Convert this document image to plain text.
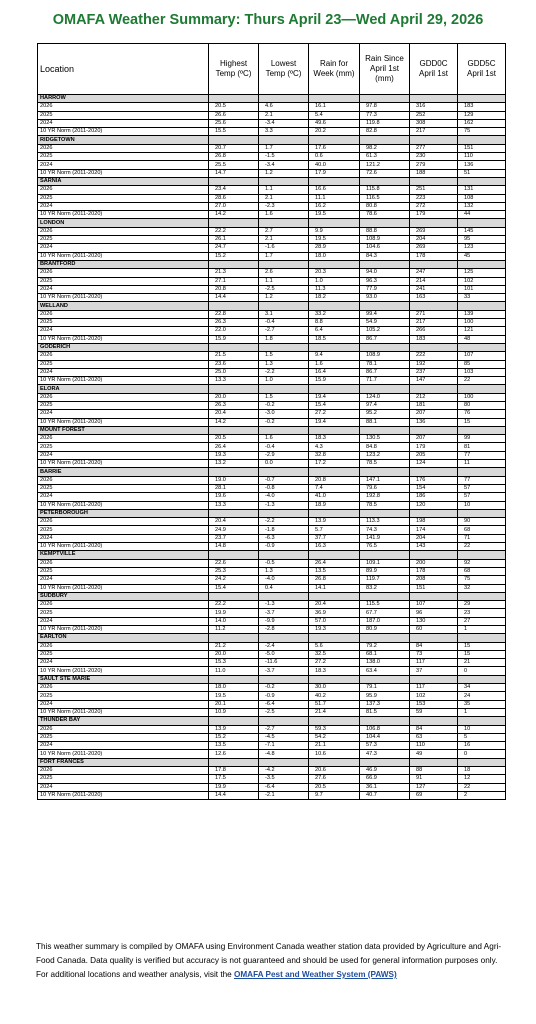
OMAFA Weather Summary: Thurs April 23—Wed April 29, 2026
Location	Highest Temp (ºC)	Lowest Temp (ºC)	Rain for Week (mm)	Rain Since April 1st (mm)	GDD0C April 1st	GDD5C April 1st
HARROW						
2026	20.5	4.6	16.1	97.8	316	183
2025	26.6	2.1	5.4	77.3	252	129
2024	25.6	-3.4	49.6	119.8	308	162
10 YR Norm (2011-2020)	15.5	3.3	20.2	82.8	217	75
RIDGETOWN						
2026	20.7	1.7	17.6	98.2	277	151
2025	26.8	-1.5	0.6	61.3	230	110
2024	25.5	-3.4	40.0	121.2	279	136
10 YR Norm (2011-2020)	14.7	1.2	17.9	72.6	188	51
SARNIA						
2026	23.4	1.1	16.6	115.8	251	131
2025	28.6	2.1	11.1	116.5	223	108
2024	27.0	-2.3	16.2	80.8	272	132
10 YR Norm (2011-2020)	14.2	1.6	19.5	78.6	179	44
LONDON						
2026	22.2	2.7	9.9	88.8	269	145
2025	26.1	2.1	19.5	108.9	204	95
2024	24.7	-1.6	28.9	104.6	269	123
10 YR Norm (2011-2020)	15.2	1.7	18.0	84.3	178	45
BRANTFORD						
2026	21.3	2.6	20.3	94.0	247	125
2025	27.1	1.1	1.0	96.3	214	102
2024	20.8	-2.5	11.3	77.9	241	101
10 YR Norm (2011-2020)	14.4	1.2	18.2	93.0	163	33
WELLAND						
2026	22.8	3.1	33.2	99.4	271	139
2025	26.3	-0.4	8.8	54.9	217	100
2024	22.0	-2.7	6.4	105.2	266	121
10 YR Norm (2011-2020)	15.9	1.8	18.5	86.7	183	48
GODERICH						
2026	21.5	1.5	9.4	108.9	222	107
2025	23.6	1.3	1.6	78.1	192	85
2024	25.0	-2.2	16.4	86.7	237	103
10 YR Norm (2011-2020)	13.3	1.0	15.9	71.7	147	22
ELORA						
2026	20.0	1.5	19.4	124.0	212	100
2025	26.3	-0.2	15.4	97.4	181	80
2024	20.4	-3.0	27.2	95.2	207	76
10 YR Norm (2011-2020)	14.2	-0.2	19.4	88.1	136	15
MOUNT FOREST						
2026	20.5	1.6	18.3	130.5	207	99
2025	26.4	-0.4	4.3	84.8	179	81
2024	19.3	-2.9	32.8	123.2	205	77
10 YR Norm (2011-2020)	13.2	0.0	17.2	78.5	124	11
BARRIE						
2026	19.0	-0.7	20.8	147.1	176	77
2025	28.1	-0.8	7.4	79.6	154	57
2024	19.6	-4.0	41.0	192.8	186	57
10 YR Norm (2011-2020)	13.3	-1.3	18.9	78.5	120	10
PETERBOROUGH						
2026	20.4	-2.2	13.9	113.3	198	90
2025	24.9	-1.8	5.7	74.3	174	68
2024	23.7	-6.3	37.7	141.9	204	71
10 YR Norm (2011-2020)	14.8	-0.9	16.3	76.5	143	22
KEMPTVILLE						
2026	22.6	-0.5	26.4	109.1	200	92
2025	25.3	1.3	13.5	89.9	178	68
2024	24.2	-4.0	26.8	119.7	208	75
10 YR Norm (2011-2020)	15.4	0.4	14.1	83.2	151	32
SUDBURY						
2026	22.2	-1.3	20.4	115.5	107	29
2025	19.9	-3.7	36.9	67.7	96	23
2024	14.0	-9.9	57.0	187.0	130	27
10 YR Norm (2011-2020)	11.2	-2.8	19.3	80.9	60	1
EARLTON						
2026	21.2	-2.4	5.6	79.2	84	15
2025	20.0	-5.0	32.5	68.1	73	15
2024	15.3	-11.6	27.2	138.0	117	21
10 YR Norm (2011-2020)	11.0	-3.7	18.3	63.4	37	0
SAULT STE MARIE						
2026	18.0	-0.2	30.0	79.1	117	34
2025	19.5	-0.9	40.2	95.9	102	24
2024	20.1	-6.4	51.7	137.3	153	35
10 YR Norm (2011-2020)	10.9	-2.5	21.4	81.5	59	1
THUNDER BAY						
2026	13.9	-2.7	59.3	106.8	84	10
2025	15.2	-4.5	54.2	104.4	63	5
2024	13.5	-7.1	21.1	57.3	110	16
10 YR Norm (2011-2020)	12.6	-4.8	10.6	47.3	49	0
FORT FRANCES						
2026	17.8	-4.2	20.6	46.9	88	18
2025	17.5	-3.5	27.6	66.9	91	12
2024	19.9	-6.4	20.5	36.1	127	22
10 YR Norm (2011-2020)	14.4	-2.1	9.7	40.7	69	2
This weather summary is compiled by OMAFA using Environment Canada weather station data provided by Agriculture and Agri-Food Canada. Data quality is verified but accuracy is not guaranteed and should be used for general information purposes only. For additional locations and weather analysis, visit the OMAFA Pest and Weather System (PAWS)
